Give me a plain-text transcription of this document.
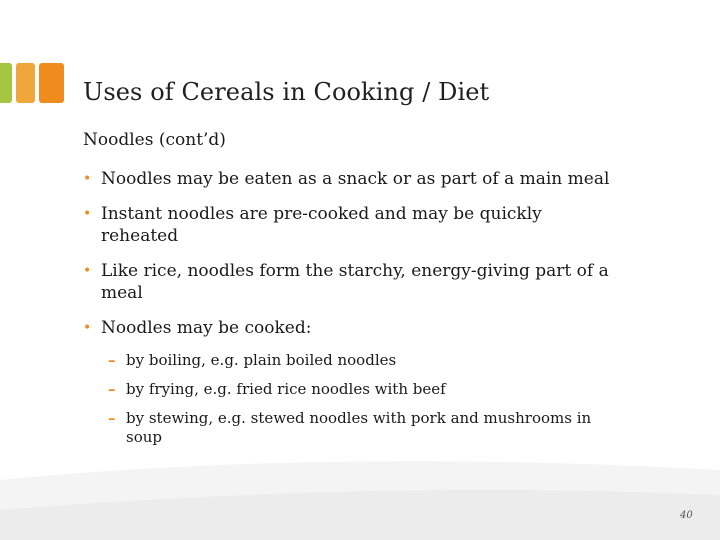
Uses of Cereals in Cooking / Diet
Noodles (cont’d)
• Noodles may be eaten as a snack or as part of a main meal
• Instant noodles are pre-cooked and may be quickly reheated
• Like rice, noodles form the starchy, energy-giving part of a meal
• Noodles may be cooked:
– by boiling, e.g. plain boiled noodles
– by frying, e.g. fried rice noodles with beef
– by stewing, e.g. stewed noodles with pork and mushrooms in soup
40
